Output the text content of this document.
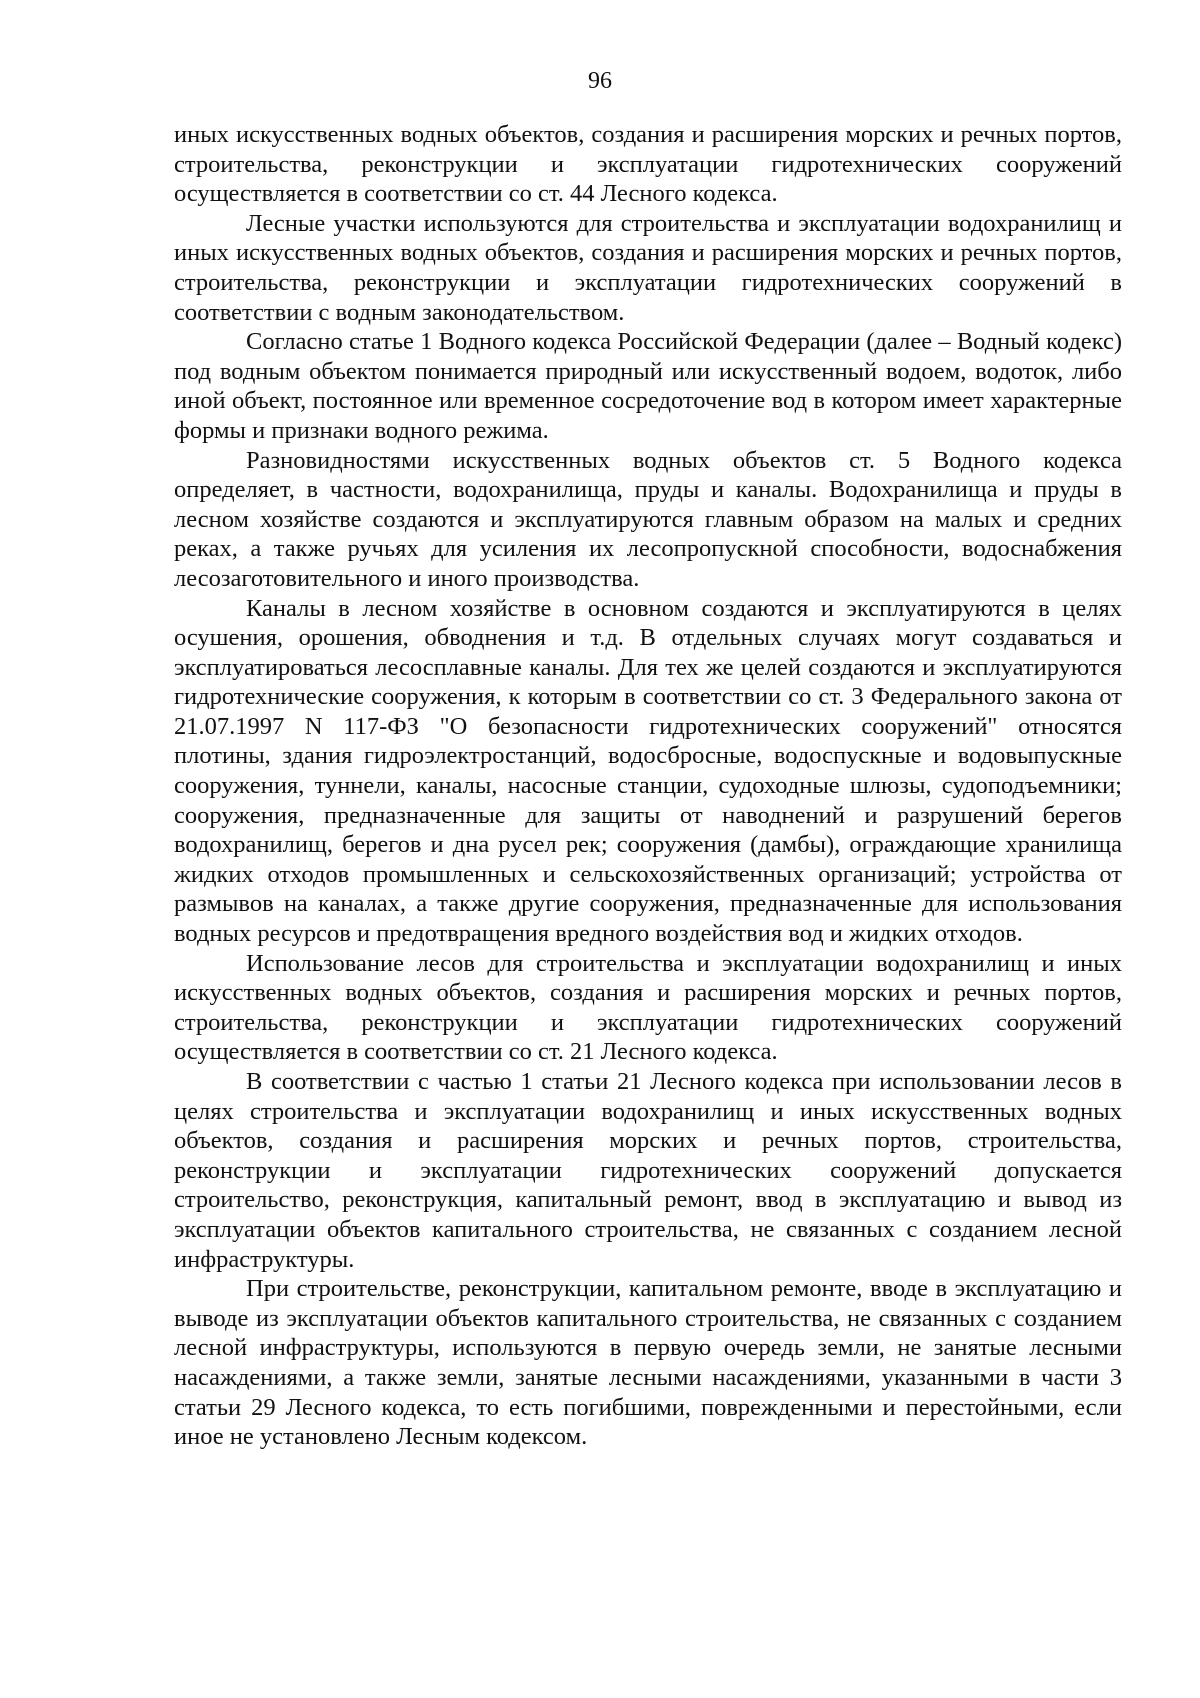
96

иных искусственных водных объектов, создания и расширения морских и речных портов, строительства, реконструкции и эксплуатации гидротехнических сооружений осуществляется в соответствии со ст. 44 Лесного кодекса.

Лесные участки используются для строительства и эксплуатации водохранилищ и иных искусственных водных объектов, создания и расширения морских и речных портов, строительства, реконструкции и эксплуатации гидротехнических сооружений в соответствии с водным законодательством.

Согласно статье 1 Водного кодекса Российской Федерации (далее – Водный кодекс) под водным объектом понимается природный или искусственный водоем, водоток, либо иной объект, постоянное или временное сосредоточение вод в котором имеет характерные формы и признаки водного режима.

Разновидностями искусственных водных объектов ст. 5 Водного кодекса определяет, в частности, водохранилища, пруды и каналы. Водохранилища и пруды в лесном хозяйстве создаются и эксплуатируются главным образом на малых и средних реках, а также ручьях для усиления их лесопропускной способности, водоснабжения лесозаготовительного и иного производства.

Каналы в лесном хозяйстве в основном создаются и эксплуатируются в целях осушения, орошения, обводнения и т.д. В отдельных случаях могут создаваться и эксплуатироваться лесосплавные каналы. Для тех же целей создаются и эксплуатируются гидротехнические сооружения, к которым в соответствии со ст. 3 Федерального закона от 21.07.1997 N 117-ФЗ "О безопасности гидротехнических сооружений" относятся плотины, здания гидроэлектростанций, водосбросные, водоспускные и водовыпускные сооружения, туннели, каналы, насосные станции, судоходные шлюзы, судоподъемники; сооружения, предназначенные для защиты от наводнений и разрушений берегов водохранилищ, берегов и дна русел рек; сооружения (дамбы), ограждающие хранилища жидких отходов промышленных и сельскохозяйственных организаций; устройства от размывов на каналах, а также другие сооружения, предназначенные для использования водных ресурсов и предотвращения вредного воздействия вод и жидких отходов.

Использование лесов для строительства и эксплуатации водохранилищ и иных искусственных водных объектов, создания и расширения морских и речных портов, строительства, реконструкции и эксплуатации гидротехнических сооружений осуществляется в соответствии со ст. 21 Лесного кодекса.

В соответствии с частью 1 статьи 21 Лесного кодекса при использовании лесов в целях строительства и эксплуатации водохранилищ и иных искусственных водных объектов, создания и расширения морских и речных портов, строительства, реконструкции и эксплуатации гидротехнических сооружений допускается строительство, реконструкция, капитальный ремонт, ввод в эксплуатацию и вывод из эксплуатации объектов капитального строительства, не связанных с созданием лесной инфраструктуры.

При строительстве, реконструкции, капитальном ремонте, вводе в эксплуатацию и выводе из эксплуатации объектов капитального строительства, не связанных с созданием лесной инфраструктуры, используются в первую очередь земли, не занятые лесными насаждениями, а также земли, занятые лесными насаждениями, указанными в части 3 статьи 29 Лесного кодекса, то есть погибшими, поврежденными и перестойными, если иное не установлено Лесным кодексом.
